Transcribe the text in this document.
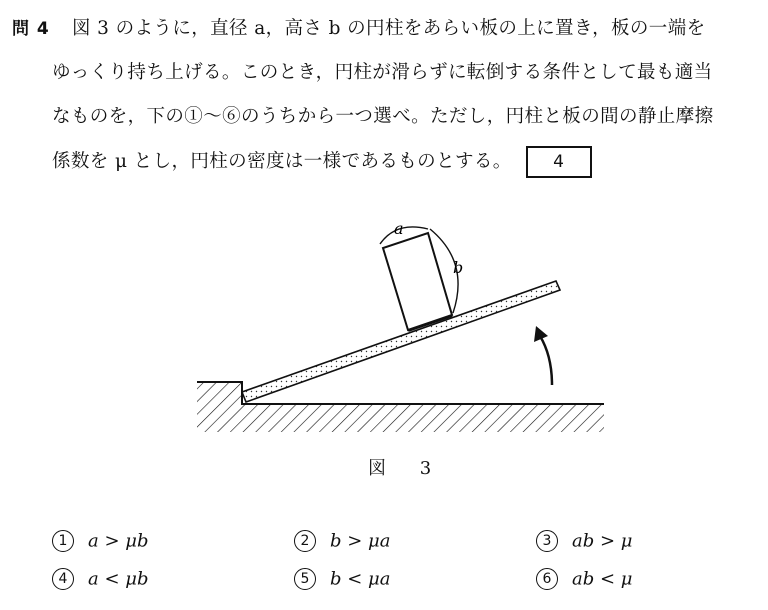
問 4 図 3 のように，直径 a，高さ b の円柱をあらい板の上に置き，板の一端を
ゆっくり持ち上げる。このとき，円柱が滑らずに転倒する条件として最も適当
なものを，下の①～⑥のうちから一つ選べ。ただし，円柱と板の間の静止摩擦
係数を μ とし，円柱の密度は一様であるものとする。 4
a
b
図 3
1 a > μb	2 b > μa	3 ab > μ
4 a < μb	5 b < μa	6 ab < μ
